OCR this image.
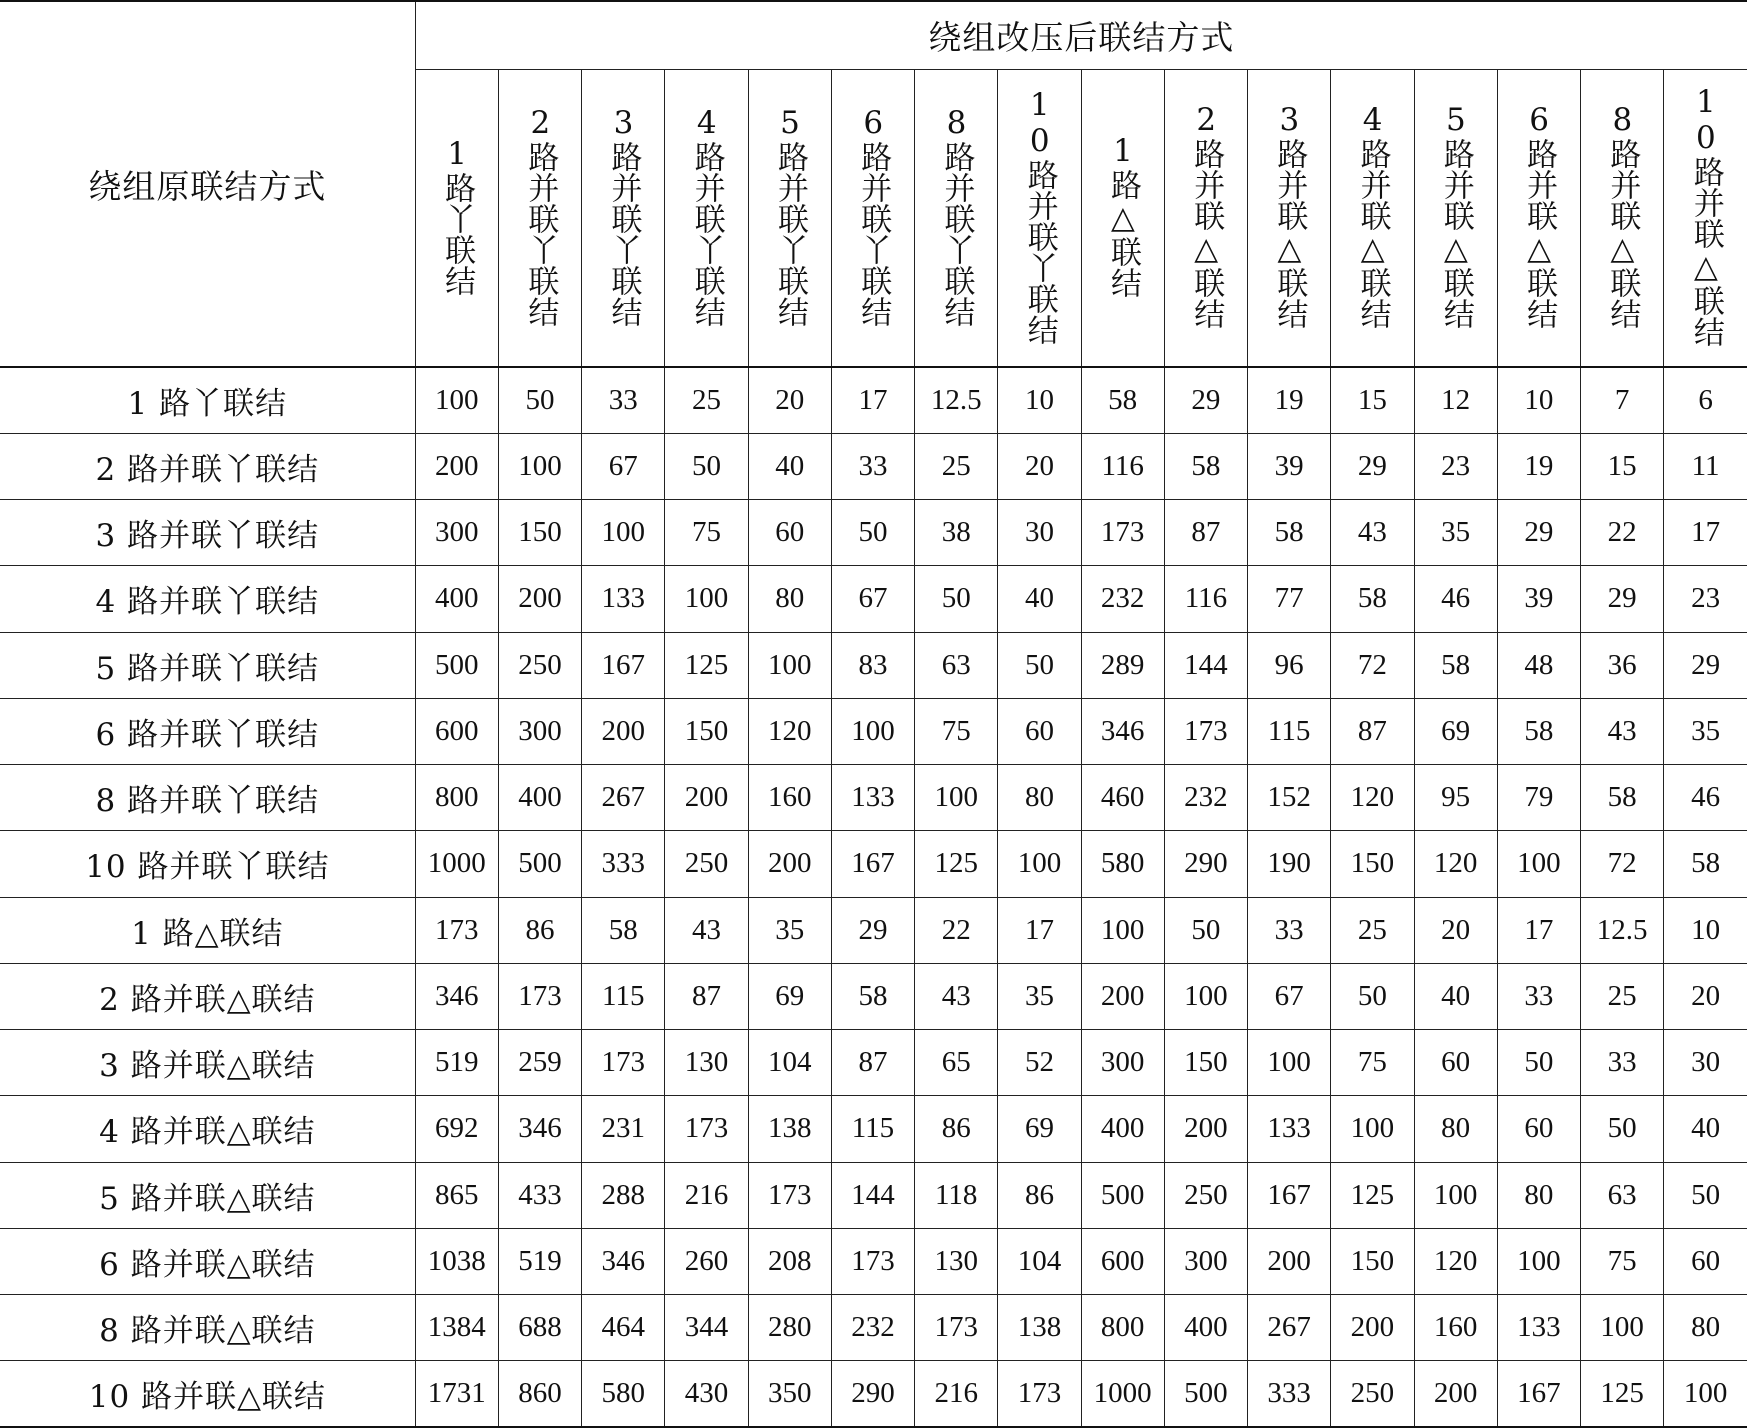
绕组原联结方式	绕组改压后联结方式															
	1路丫联结	2路并联丫联结	3路并联丫联结	4路并联丫联结	5路并联丫联结	6路并联丫联结	8路并联丫联结	10路并联丫联结	1路△联结	2路并联△联结	3路并联△联结	4路并联△联结	5路并联△联结	6路并联△联结	8路并联△联结	10路并联△联结
1 路丫联结	100	50	33	25	20	17	12.5	10	58	29	19	15	12	10	7	6
2 路并联丫联结	200	100	67	50	40	33	25	20	116	58	39	29	23	19	15	11
3 路并联丫联结	300	150	100	75	60	50	38	30	173	87	58	43	35	29	22	17
4 路并联丫联结	400	200	133	100	80	67	50	40	232	116	77	58	46	39	29	23
5 路并联丫联结	500	250	167	125	100	83	63	50	289	144	96	72	58	48	36	29
6 路并联丫联结	600	300	200	150	120	100	75	60	346	173	115	87	69	58	43	35
8 路并联丫联结	800	400	267	200	160	133	100	80	460	232	152	120	95	79	58	46
10 路并联丫联结	1000	500	333	250	200	167	125	100	580	290	190	150	120	100	72	58
1 路△联结	173	86	58	43	35	29	22	17	100	50	33	25	20	17	12.5	10
2 路并联△联结	346	173	115	87	69	58	43	35	200	100	67	50	40	33	25	20
3 路并联△联结	519	259	173	130	104	87	65	52	300	150	100	75	60	50	33	30
4 路并联△联结	692	346	231	173	138	115	86	69	400	200	133	100	80	60	50	40
5 路并联△联结	865	433	288	216	173	144	118	86	500	250	167	125	100	80	63	50
6 路并联△联结	1038	519	346	260	208	173	130	104	600	300	200	150	120	100	75	60
8 路并联△联结	1384	688	464	344	280	232	173	138	800	400	267	200	160	133	100	80
10 路并联△联结	1731	860	580	430	350	290	216	173	1000	500	333	250	200	167	125	100
